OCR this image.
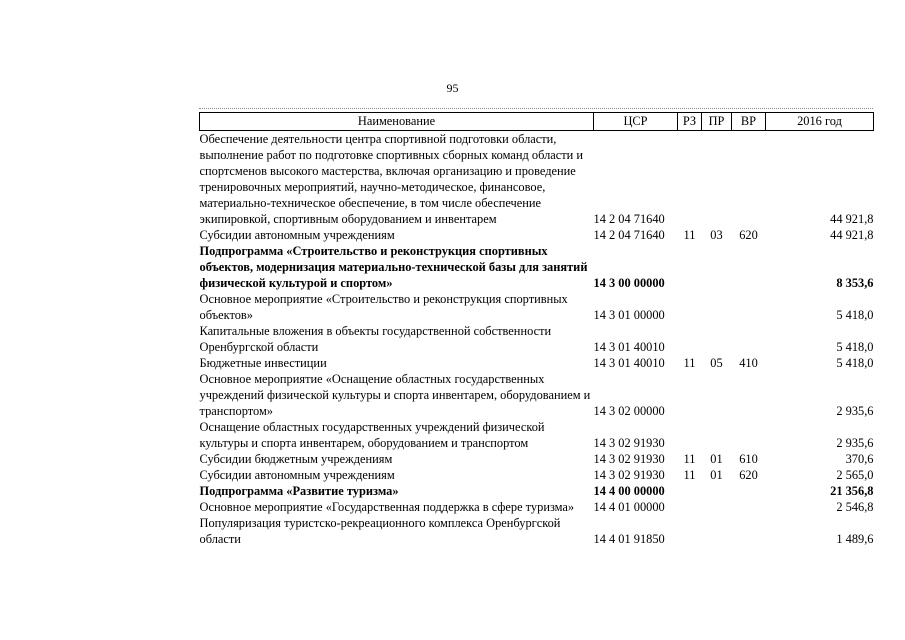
95
Наименование	ЦСР	РЗ	ПР	ВР	2016 год
Обеспечение деятельности центра спортивной подготовки области, выполнение работ по подготовке спортивных сборных команд области и спортсменов высокого мастерства, включая организацию и проведение тренировочных мероприятий, научно-методическое, финансовое, материально-техническое обеспечение, в том числе обеспечение экипировкой, спортивным оборудованием и инвентарем	14 2 04 71640				44 921,8
Субсидии автономным учреждениям	14 2 04 71640	11	03	620	44 921,8
Подпрограмма «Строительство и реконструкция спортивных объектов, модернизация материально-технической базы для занятий физической культурой и спортом»	14 3 00 00000				8 353,6
Основное мероприятие «Строительство и реконструкция спортивных объектов»	14 3 01 00000				5 418,0
Капитальные вложения в объекты государственной собственности Оренбургской области	14 3 01 40010				5 418,0
Бюджетные инвестиции	14 3 01 40010	11	05	410	5 418,0
Основное мероприятие «Оснащение областных государственных учреждений физической культуры и спорта инвентарем, оборудованием и транспортом»	14 3 02 00000				2 935,6
Оснащение областных государственных учреждений физической культуры и спорта инвентарем, оборудованием и транспортом	14 3 02 91930				2 935,6
Субсидии бюджетным учреждениям	14 3 02 91930	11	01	610	370,6
Субсидии автономным учреждениям	14 3 02 91930	11	01	620	2 565,0
Подпрограмма «Развитие туризма»	14 4 00 00000				21 356,8
Основное мероприятие «Государственная поддержка в сфере туризма»	14 4 01 00000				2 546,8
Популяризация туристско-рекреационного комплекса Оренбургской области	14 4 01 91850				1 489,6
